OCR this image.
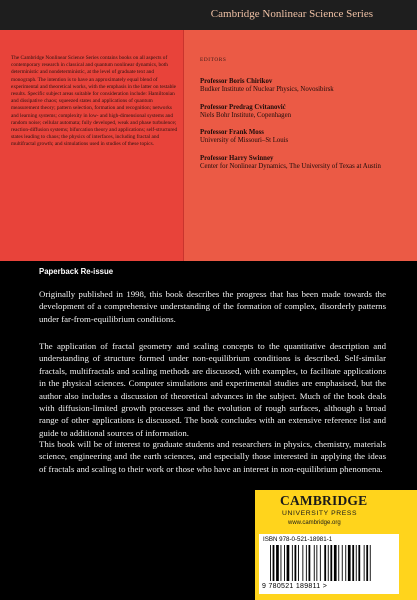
Cambridge Nonlinear Science Series

The Cambridge Nonlinear Science Series contains books on all aspects of contemporary research in classical and quantum nonlinear dynamics, both deterministic and nondeterministic, at the level of graduate text and monograph. The intention is to have an approximately equal blend of experimental and theoretical works, with the emphasis in the latter on testable results. Specific subject areas suitable for consideration include: Hamiltonian and dissipative chaos; squeezed states and applications of quantum measurement theory; pattern selection, formation and recognition; networks and learning systems; complexity in low- and high-dimensional systems and random noise; cellular automata; fully developed, weak and phase turbulence; reaction-diffusion systems; bifurcation theory and applications; self-structured states leading to chaos; the physics of interfaces, including fractal and multifractal growth; and simulations used in studies of these topics.

EDITORS
Professor Boris Chirikov
Budker Institute of Nuclear Physics, Novosibirsk
Professor Predrag Cvitanović
Niels Bohr Institute, Copenhagen
Professor Frank Moss
University of Missouri–St Louis
Professor Harry Swinney
Center for Nonlinear Dynamics, The University of Texas at Austin
Paperback Re-issue

Originally published in 1998, this book describes the progress that has been made towards the development of a comprehensive understanding of the formation of complex, disorderly patterns under far-from-equilibrium conditions.

The application of fractal geometry and scaling concepts to the quantitative description and understanding of structure formed under non-equilibrium conditions is described. Self-similar fractals, multifractals and scaling methods are discussed, with examples, to facilitate applications in the physical sciences. Computer simulations and experimental studies are emphasised, but the author also includes a discussion of theoretical advances in the subject. Much of the book deals with diffusion-limited growth processes and the evolution of rough surfaces, although a broad range of other applications is discussed. The book concludes with an extensive reference list and guide to additional sources of information.

This book will be of interest to graduate students and researchers in physics, chemistry, materials science, engineering and the earth sciences, and especially those interested in applying the ideas of fractals and scaling to their work or those who have an interest in non-equilibrium phenomena.

CAMBRIDGE
UNIVERSITY PRESS
www.cambridge.org
ISBN 978-0-521-18981-1
9 780521 189811 >
